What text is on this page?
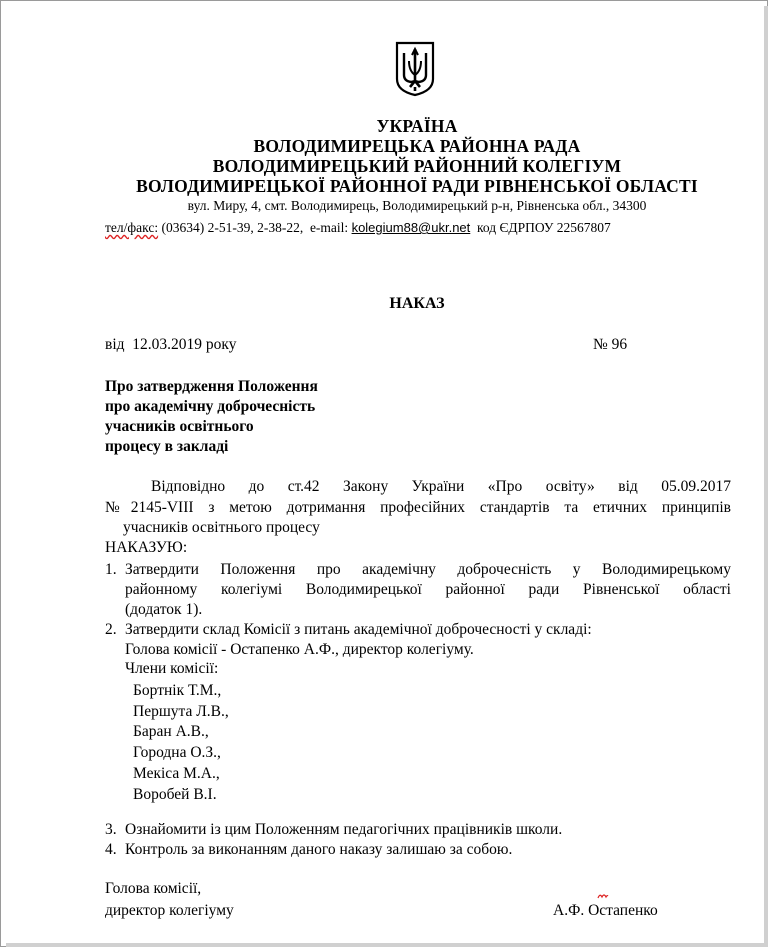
УКРАЇНА
ВОЛОДИМИРЕЦЬКА РАЙОННА РАДА
ВОЛОДИМИРЕЦЬКИЙ РАЙОННИЙ КОЛЕГІУМ
ВОЛОДИМИРЕЦЬКОЇ РАЙОННОЇ РАДИ РІВНЕНСЬКОЇ ОБЛАСТІ
вул. Миру, 4, смт. Володимирець, Володимирецький р-н, Рівненська обл., 34300
тел/факс: (03634) 2-51-39, 2-38-22,  e-mail: kolegium88@ukr.net  код ЄДРПОУ 22567807
НАКАЗ
від  12.03.2019 року	№ 96
Про затвердження Положення
про академічну доброчесність
учасників освітнього
процесу в закладі
Відповідно до ст.42 Закону України «Про освіту» від 05.09.2017
№2145-VIII з метою дотримання професійних стандартів та етичних принципів
учасників освітнього процесу
НАКАЗУЮ:
1. Затвердити Положення про академічну доброчесність у Володимирецькому
районному колегіумі Володимирецької районної ради Рівненської області
(додаток 1).
2. Затвердити склад Комісії з питань академічної доброчесності у складі:
Голова комісії - Остапенко А.Ф., директор колегіуму.
Члени комісії:
Бортнік Т.М.,
Першута Л.В.,
Баран А.В.,
Городна О.З.,
Мекіса М.А.,
Воробей В.І.
3. Ознайомити із цим Положенням педагогічних працівників школи.
4. Контроль за виконанням даного наказу залишаю за собою.
Голова комісії,
директор колегіуму	А.Ф. Остапенко
